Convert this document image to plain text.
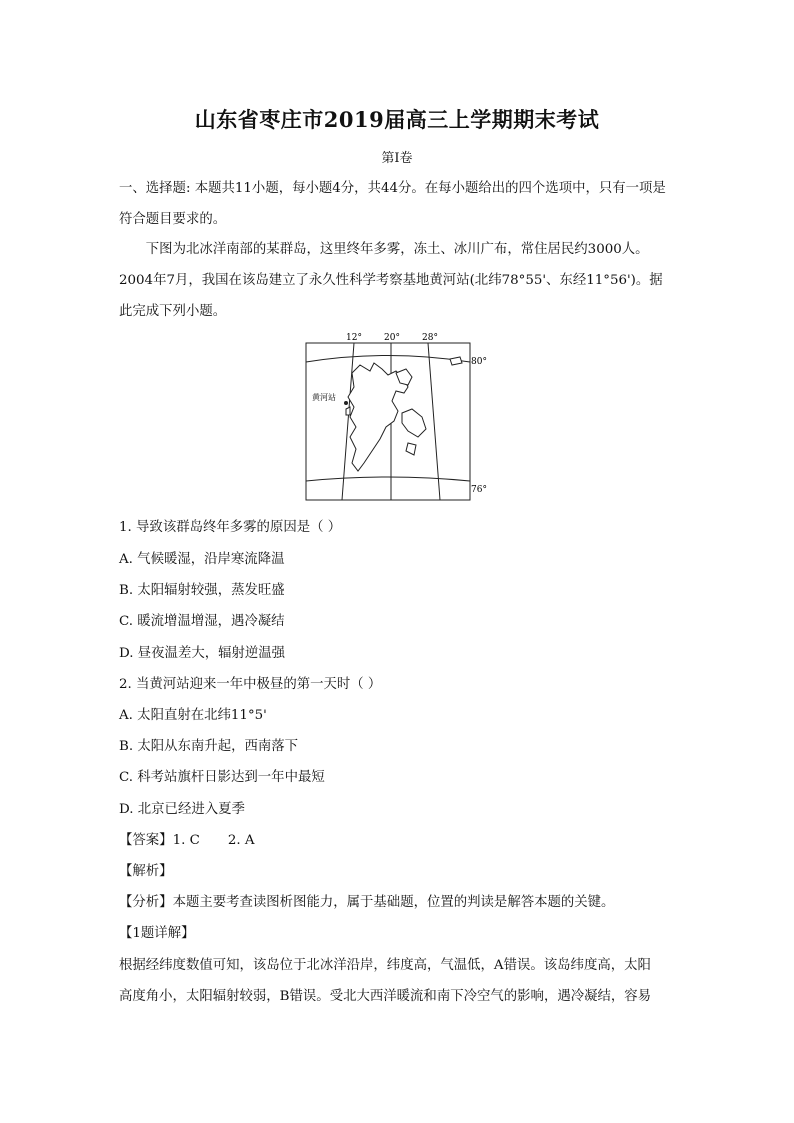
山东省枣庄市2019届高三上学期期末考试

第I卷

一、选择题: 本题共11小题，每小题4分，共44分。在每小题给出的四个选项中，只有一项是符合题目要求的。

下图为北冰洋南部的某群岛，这里终年多雾，冻土、冰川广布，常住居民约3000人。2004年7月，我国在该岛建立了永久性科学考察基地黄河站(北纬78°55'、东经11°56')。据此完成下列小题。

12° 20° 28°
80°
76°
黄河站

1. 导致该群岛终年多雾的原因是（ ）

A. 气候暖湿，沿岸寒流降温

B. 太阳辐射较强，蒸发旺盛

C. 暖流增温增湿，遇冷凝结

D. 昼夜温差大，辐射逆温强

2. 当黄河站迎来一年中极昼的第一天时（ ）

A. 太阳直射在北纬11°5'

B. 太阳从东南升起，西南落下

C. 科考站旗杆日影达到一年中最短

D. 北京已经进入夏季

【答案】1. C 2. A

【解析】

【分析】本题主要考查读图析图能力，属于基础题，位置的判读是解答本题的关键。

【1题详解】

根据经纬度数值可知，该岛位于北冰洋沿岸，纬度高，气温低，A错误。该岛纬度高，太阳

高度角小，太阳辐射较弱，B错误。受北大西洋暖流和南下冷空气的影响，遇冷凝结，容易
